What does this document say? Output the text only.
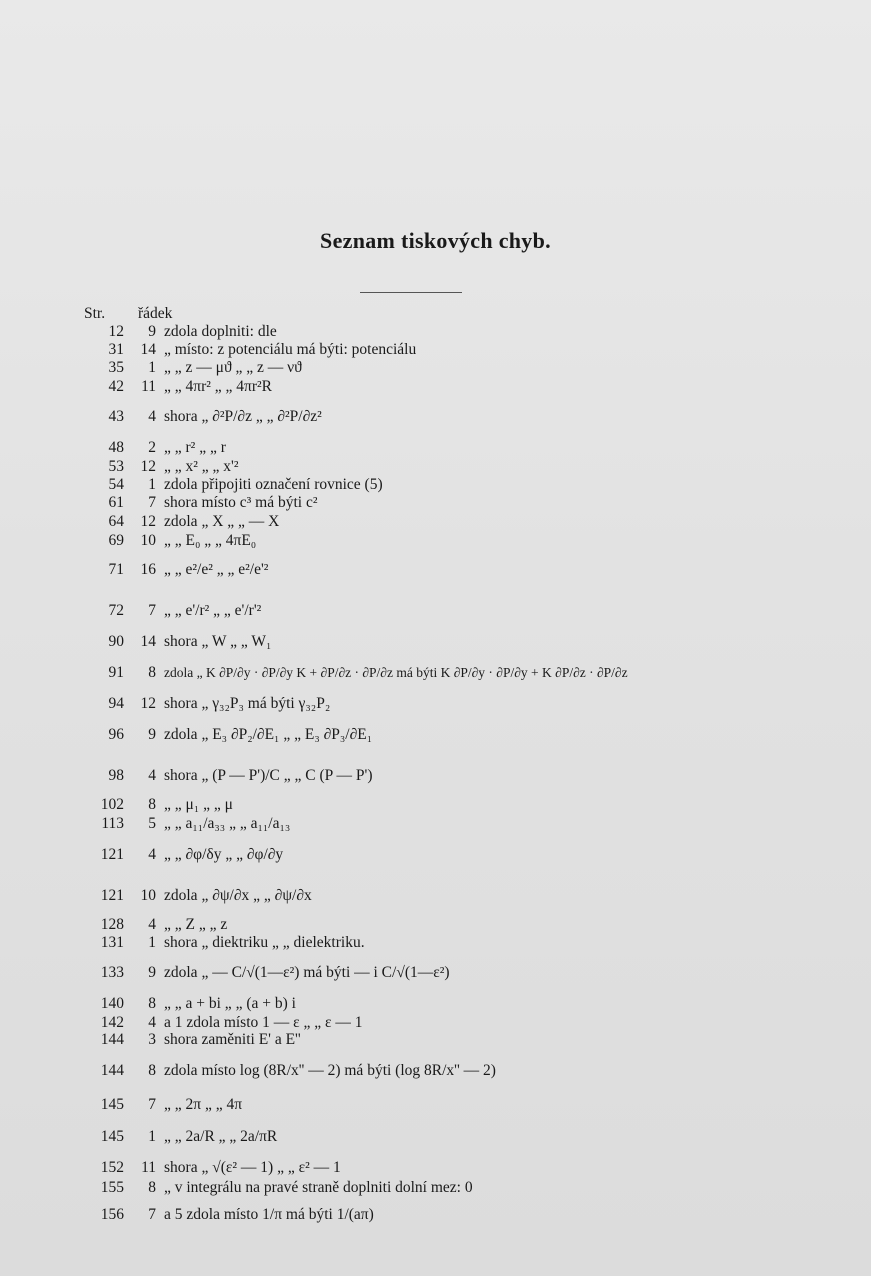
Seznam tiskových chyb.
Str.	řádek
12	9 zdola doplniti: dle
31	14 „ místo: z potenciálu má býti: potenciálu
35	1 „ „ z — μϑ „ „ z — νϑ
42	11 „ „ 4πr² „ „ 4πr²R
43	4 shora „ ∂²P/∂z „ „ ∂²P/∂z²
48	2 „ „ r² „ „ r
53	12 „ „ x² „ „ x'²
54	1 zdola připojiti označení rovnice (5)
61	7 shora místo c³ má býti c²
64	12 zdola „ X „ „ — X
69	10 „ „ E₀ „ „ 4πE₀
71	16 „ „ e²/e² „ „ e²/e'²
72	7 „ „ e'/r² „ „ e'/r'²
90	14 shora „ W „ „ W₁
91	8 zdola „ K ∂P/∂y · ∂P/∂y K + ∂P/∂z · ∂P/∂z má býti K ∂P/∂y · ∂P/∂y + K ∂P/∂z · ∂P/∂z
94	12 shora „ γ₃₂P₃ má býti γ₃₂P₂
96	9 zdola „ E₃ ∂P₂/∂E₁ „ „ E₃ ∂P₃/∂E₁
98	4 shora „ (P — P')/C „ „ C (P — P')
102	8 „ „ μ₁ „ „ μ
113	5 „ „ a₁₁/a₃₃ „ „ a₁₁/a₁₃
121	4 „ „ ∂φ/δy „ „ ∂φ/∂y
121	10 zdola „ ∂ψ/∂x „ „ ∂ψ/∂x
128	4 „ „ Z „ „ z
131	1 shora „ diektriku „ „ dielektriku.
133	9 zdola „ — C/√(1—ε²) má býti — i C/√(1—ε²)
140	8 „ „ a + bi „ „ (a + b) i
142	4 a 1 zdola místo 1 — ε „ „ ε — 1
144	3 shora zaměniti E' a E''
144	8 zdola místo log (8R/x'' — 2) má býti (log 8R/x'' — 2)
145	7 „ „ 2π „ „ 4π
145	1 „ „ 2a/R „ „ 2a/πR
152	11 shora „ √(ε² — 1) „ „ ε² — 1
155	8 „ v integrálu na pravé straně doplniti dolní mez: 0
156	7 a 5 zdola místo 1/π má býti 1/(aπ)
